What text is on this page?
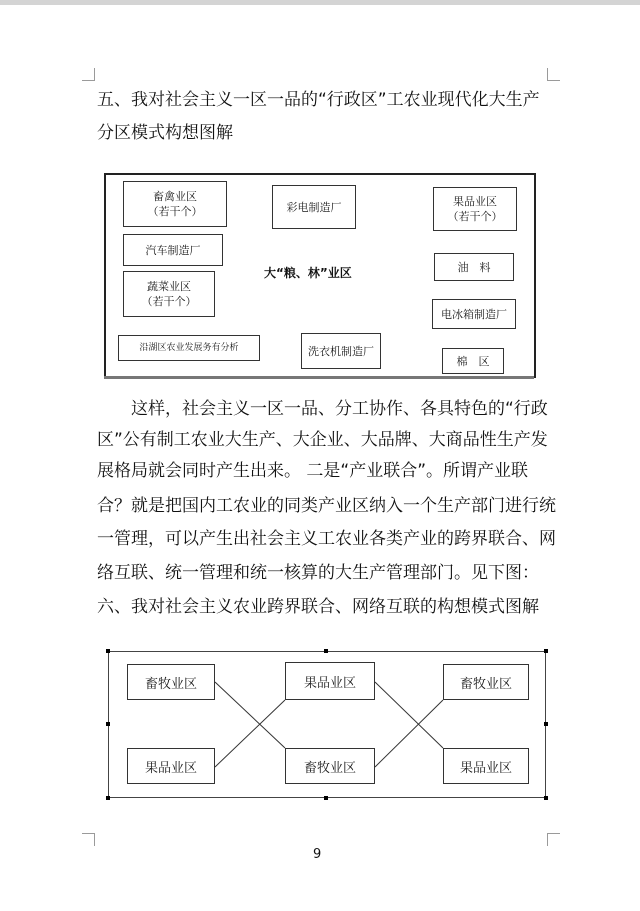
五、我对社会主义一区一品的“行政区”工农业现代化大生产
分区模式构想图解
畜禽业区
（若干个）
汽车制造厂
蔬菜业区
（若干个）
沿湖区农业发展务有分析
彩电制造厂
大“粮、林”业区
洗衣机制造厂
果品业区
（若干个）
油　料
电冰箱制造厂
棉　区
这样，社会主义一区一品、分工协作、各具特色的“行政
区”公有制工农业大生产、大企业、大品牌、大商品性生产发
展格局就会同时产生出来。 二是“产业联合”。所谓产业联
合？就是把国内工农业的同类产业区纳入一个生产部门进行统
一管理，可以产生出社会主义工农业各类产业的跨界联合、网
络互联、统一管理和统一核算的大生产管理部门。见下图：
六、我对社会主义农业跨界联合、网络互联的构想模式图解
畜牧业区	果品业区	畜牧业区
果品业区	畜牧业区	果品业区
9
